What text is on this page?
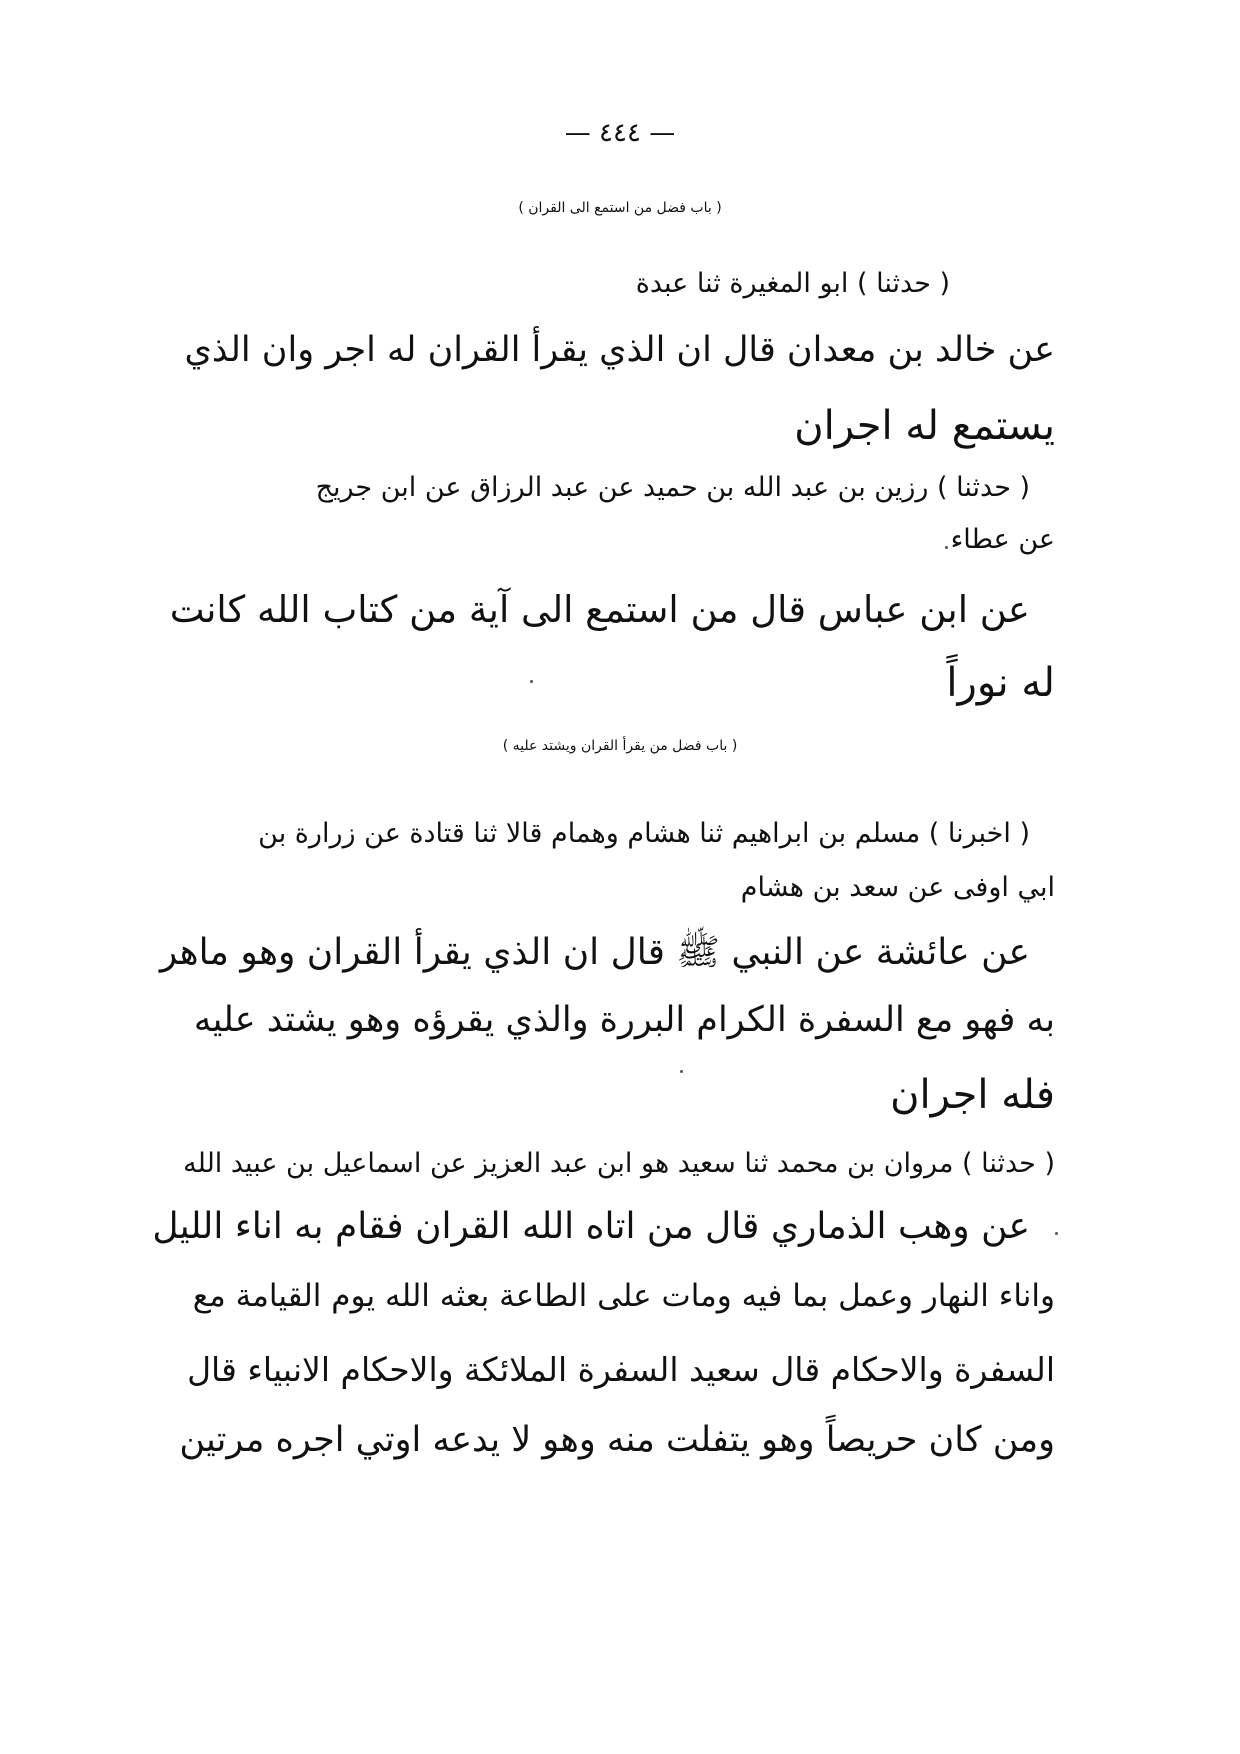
— ٤٤٤ —
( باب فضل من استمع الى القران )
( حدثنا ) ابو المغيرة ثنا عبدة
عن خالد بن معدان قال ان الذي يقرأ القران له اجر وان الذي
يستمع له اجران
( حدثنا ) رزين بن عبد الله بن حميد عن عبد الرزاق عن ابن جريج
عن عطاء
عن ابن عباس قال من استمع الى آية من كتاب الله كانت
له نوراً
( باب فضل من يقرأ القران ويشتد عليه )
( اخبرنا ) مسلم بن ابراهيم ثنا هشام وهمام قالا ثنا قتادة عن زرارة بن
ابي اوفى عن سعد بن هشام
عن عائشة عن النبي ﷺ قال ان الذي يقرأ القران وهو ماهر
به فهو مع السفرة الكرام البررة والذي يقرؤه وهو يشتد عليه
فله اجران
( حدثنا ) مروان بن محمد ثنا سعيد هو ابن عبد العزيز عن اسماعيل بن عبيد الله
عن وهب الذماري قال من اتاه الله القران فقام به اناء الليل
واناء النهار وعمل بما فيه ومات على الطاعة بعثه الله يوم القيامة مع
السفرة والاحكام قال سعيد السفرة الملائكة والاحكام الانبياء قال
ومن كان حريصاً وهو يتفلت منه وهو لا يدعه اوتي اجره مرتين
